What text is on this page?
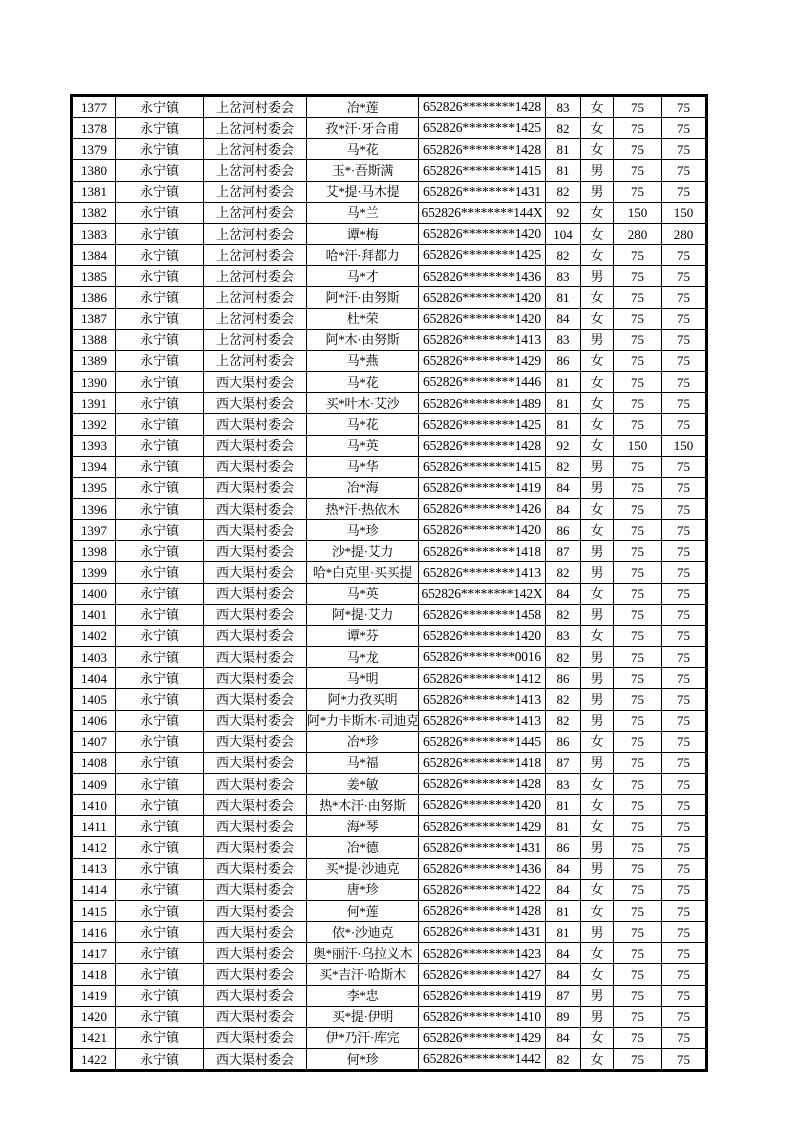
1377	永宁镇	上岔河村委会	冶*莲	652826********1428	83	女	75	75
1378	永宁镇	上岔河村委会	孜*汗·牙合甫	652826********1425	82	女	75	75
1379	永宁镇	上岔河村委会	马*花	652826********1428	81	女	75	75
1380	永宁镇	上岔河村委会	玉*·吾斯满	652826********1415	81	男	75	75
1381	永宁镇	上岔河村委会	艾*提·马木提	652826********1431	82	男	75	75
1382	永宁镇	上岔河村委会	马*兰	652826********144X	92	女	150	150
1383	永宁镇	上岔河村委会	谭*梅	652826********1420	104	女	280	280
1384	永宁镇	上岔河村委会	哈*汗·拜都力	652826********1425	82	女	75	75
1385	永宁镇	上岔河村委会	马*才	652826********1436	83	男	75	75
1386	永宁镇	上岔河村委会	阿*汗·由努斯	652826********1420	81	女	75	75
1387	永宁镇	上岔河村委会	杜*荣	652826********1420	84	女	75	75
1388	永宁镇	上岔河村委会	阿*木·由努斯	652826********1413	83	男	75	75
1389	永宁镇	上岔河村委会	马*燕	652826********1429	86	女	75	75
1390	永宁镇	西大渠村委会	马*花	652826********1446	81	女	75	75
1391	永宁镇	西大渠村委会	买*叶木·艾沙	652826********1489	81	女	75	75
1392	永宁镇	西大渠村委会	马*花	652826********1425	81	女	75	75
1393	永宁镇	西大渠村委会	马*英	652826********1428	92	女	150	150
1394	永宁镇	西大渠村委会	马*华	652826********1415	82	男	75	75
1395	永宁镇	西大渠村委会	冶*海	652826********1419	84	男	75	75
1396	永宁镇	西大渠村委会	热*汗·热依木	652826********1426	84	女	75	75
1397	永宁镇	西大渠村委会	马*珍	652826********1420	86	女	75	75
1398	永宁镇	西大渠村委会	沙*提·艾力	652826********1418	87	男	75	75
1399	永宁镇	西大渠村委会	哈*白克里·买买提	652826********1413	82	男	75	75
1400	永宁镇	西大渠村委会	马*英	652826********142X	84	女	75	75
1401	永宁镇	西大渠村委会	阿*提·艾力	652826********1458	82	男	75	75
1402	永宁镇	西大渠村委会	谭*芬	652826********1420	83	女	75	75
1403	永宁镇	西大渠村委会	马*龙	652826********0016	82	男	75	75
1404	永宁镇	西大渠村委会	马*明	652826********1412	86	男	75	75
1405	永宁镇	西大渠村委会	阿*力孜买明	652826********1413	82	男	75	75
1406	永宁镇	西大渠村委会	阿*力卡斯木·司迪克	652826********1413	82	男	75	75
1407	永宁镇	西大渠村委会	冶*珍	652826********1445	86	女	75	75
1408	永宁镇	西大渠村委会	马*福	652826********1418	87	男	75	75
1409	永宁镇	西大渠村委会	姜*敏	652826********1428	83	女	75	75
1410	永宁镇	西大渠村委会	热*木汗·由努斯	652826********1420	81	女	75	75
1411	永宁镇	西大渠村委会	海*琴	652826********1429	81	女	75	75
1412	永宁镇	西大渠村委会	冶*德	652826********1431	86	男	75	75
1413	永宁镇	西大渠村委会	买*提·沙迪克	652826********1436	84	男	75	75
1414	永宁镇	西大渠村委会	唐*珍	652826********1422	84	女	75	75
1415	永宁镇	西大渠村委会	何*莲	652826********1428	81	女	75	75
1416	永宁镇	西大渠村委会	依*·沙迪克	652826********1431	81	男	75	75
1417	永宁镇	西大渠村委会	奥*丽汗·乌拉义木	652826********1423	84	女	75	75
1418	永宁镇	西大渠村委会	买*吉汗·哈斯木	652826********1427	84	女	75	75
1419	永宁镇	西大渠村委会	李*忠	652826********1419	87	男	75	75
1420	永宁镇	西大渠村委会	买*提·伊明	652826********1410	89	男	75	75
1421	永宁镇	西大渠村委会	伊*乃汗·库完	652826********1429	84	女	75	75
1422	永宁镇	西大渠村委会	何*珍	652826********1442	82	女	75	75
